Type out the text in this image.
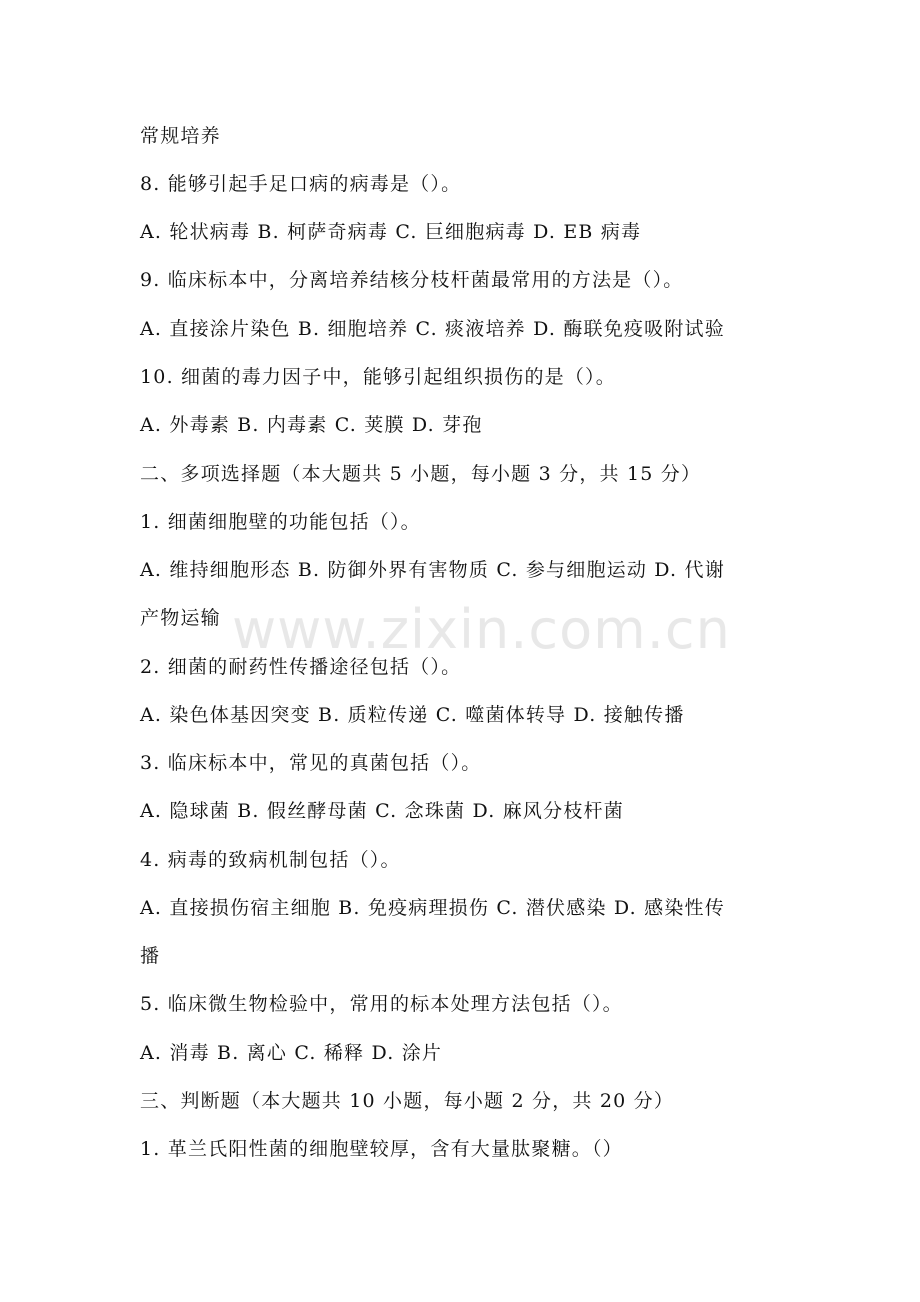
常规培养
8. 能够引起手足口病的病毒是（）。
A. 轮状病毒 B. 柯萨奇病毒 C. 巨细胞病毒 D. EB 病毒
9. 临床标本中，分离培养结核分枝杆菌最常用的方法是（）。
A. 直接涂片染色 B. 细胞培养 C. 痰液培养 D. 酶联免疫吸附试验
10. 细菌的毒力因子中，能够引起组织损伤的是（）。
A. 外毒素 B. 内毒素 C. 荚膜 D. 芽孢
二、多项选择题（本大题共 5 小题，每小题 3 分，共 15 分）
1. 细菌细胞壁的功能包括（）。
A. 维持细胞形态 B. 防御外界有害物质 C. 参与细胞运动 D. 代谢
产物运输
2. 细菌的耐药性传播途径包括（）。
A. 染色体基因突变 B. 质粒传递 C. 噬菌体转导 D. 接触传播
3. 临床标本中，常见的真菌包括（）。
A. 隐球菌 B. 假丝酵母菌 C. 念珠菌 D. 麻风分枝杆菌
4. 病毒的致病机制包括（）。
A. 直接损伤宿主细胞 B. 免疫病理损伤 C. 潜伏感染 D. 感染性传
播
5. 临床微生物检验中，常用的标本处理方法包括（）。
A. 消毒 B. 离心 C. 稀释 D. 涂片
三、判断题（本大题共 10 小题，每小题 2 分，共 20 分）
1. 革兰氏阳性菌的细胞壁较厚，含有大量肽聚糖。（）
www.zixin.com.cn
